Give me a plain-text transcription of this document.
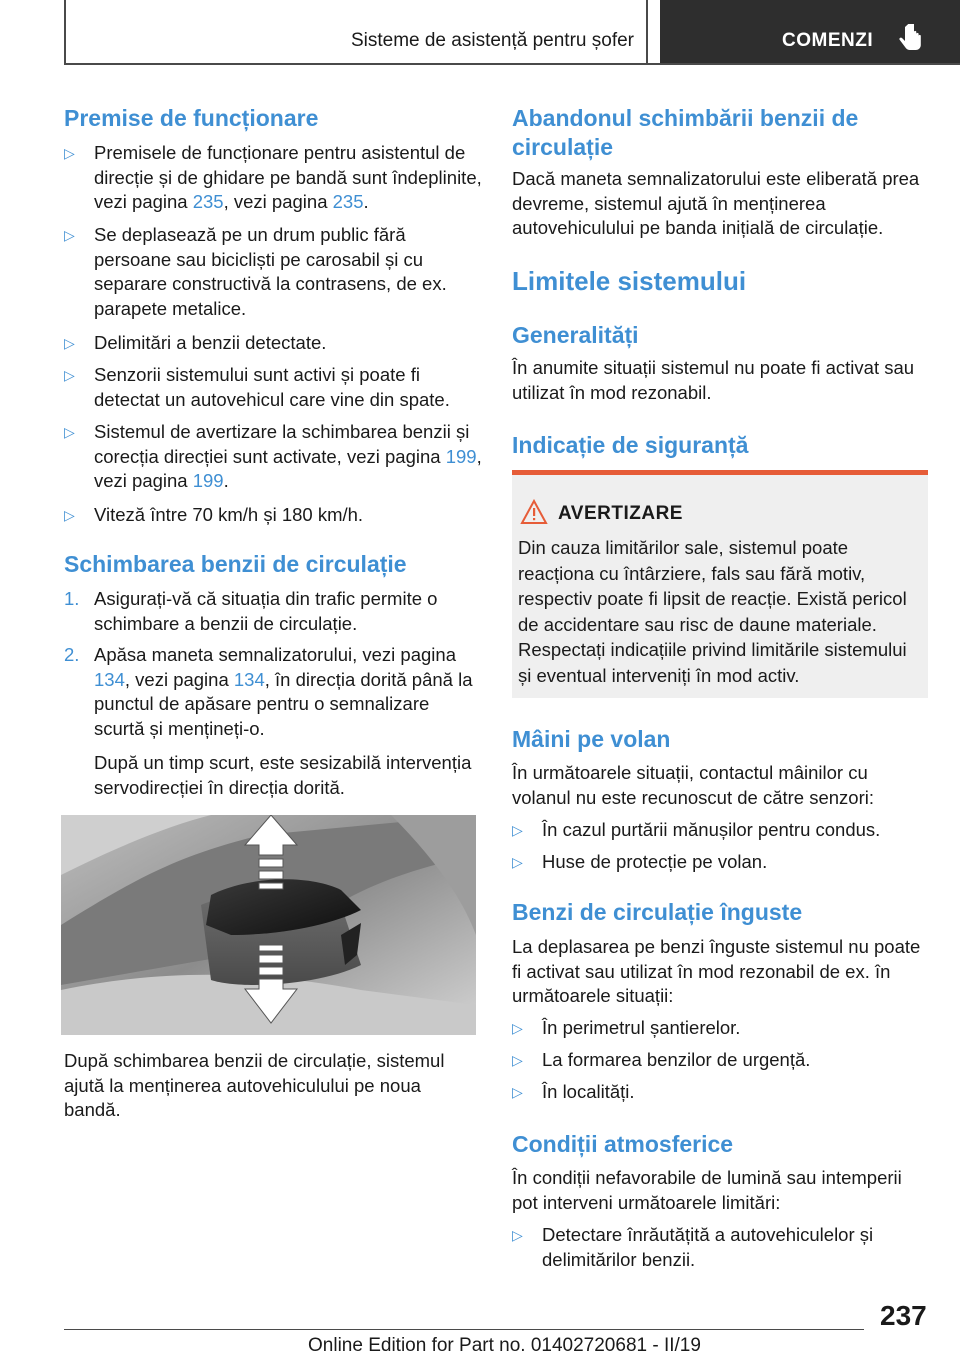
Sisteme de asistență pentru șofer	COMENZI
Premise de funcționare
▷ Premisele de funcționare pentru asistentul de direcție și de ghidare pe bandă sunt îndeplinite, vezi pagina 235, vezi pagina 235.
▷ Se deplasează pe un drum public fără persoane sau bicicliști pe carosabil și cu separare constructivă la contrasens, de ex. parapete metalice.
▷ Delimitări a benzii detectate.
▷ Senzorii sistemului sunt activi și poate fi detectat un autovehicul care vine din spate.
▷ Sistemul de avertizare la schimbarea benzii și corecția direcției sunt activate, vezi pagina 199, vezi pagina 199.
▷ Viteză între 70 km/h și 180 km/h.
Schimbarea benzii de circulație
1. Asigurați-vă că situația din trafic permite o schimbare a benzii de circulație.
2. Apăsa maneta semnalizatorului, vezi pagina 134, vezi pagina 134, în direcția dorită până la punctul de apăsare pentru o semnalizare scurtă și mențineți-o.
După un timp scurt, este sesizabilă intervenția servodirecției în direcția dorită.

După schimbarea benzii de circulație, sistemul ajută la menținerea autovehiculului pe noua bandă.

Abandonul schimbării benzii de circulație

Dacă maneta semnalizatorului este eliberată prea devreme, sistemul ajută în menținerea autovehiculului pe banda inițială de circulație.

Limitele sistemului
Generalități

În anumite situații sistemul nu poate fi activat sau utilizat în mod rezonabil.

Indicație de siguranță
AVERTIZARE

Din cauza limitărilor sale, sistemul poate reacționa cu întârziere, fals sau fără motiv, respectiv poate fi lipsit de reacție. Există pericol de accidentare sau risc de daune materiale. Respectați indicațiile privind limitările sistemului și eventual interveniți în mod activ.

Mâini pe volan

În următoarele situații, contactul mâinilor cu volanul nu este recunoscut de către senzori:

▷ În cazul purtării mănușilor pentru condus.
▷ Huse de protecție pe volan.
Benzi de circulație înguste

La deplasarea pe benzi înguste sistemul nu poate fi activat sau utilizat în mod rezonabil de ex. în următoarele situații:

▷ În perimetrul șantierelor.
▷ La formarea benzilor de urgență.
▷ În localități.
Condiții atmosferice

În condiții nefavorabile de lumină sau intemperii pot interveni următoarele limitări:

▷ Detectare înrăutățită a autovehiculelor și delimitărilor benzii.
237
Online Edition for Part no. 01402720681 - II/19
